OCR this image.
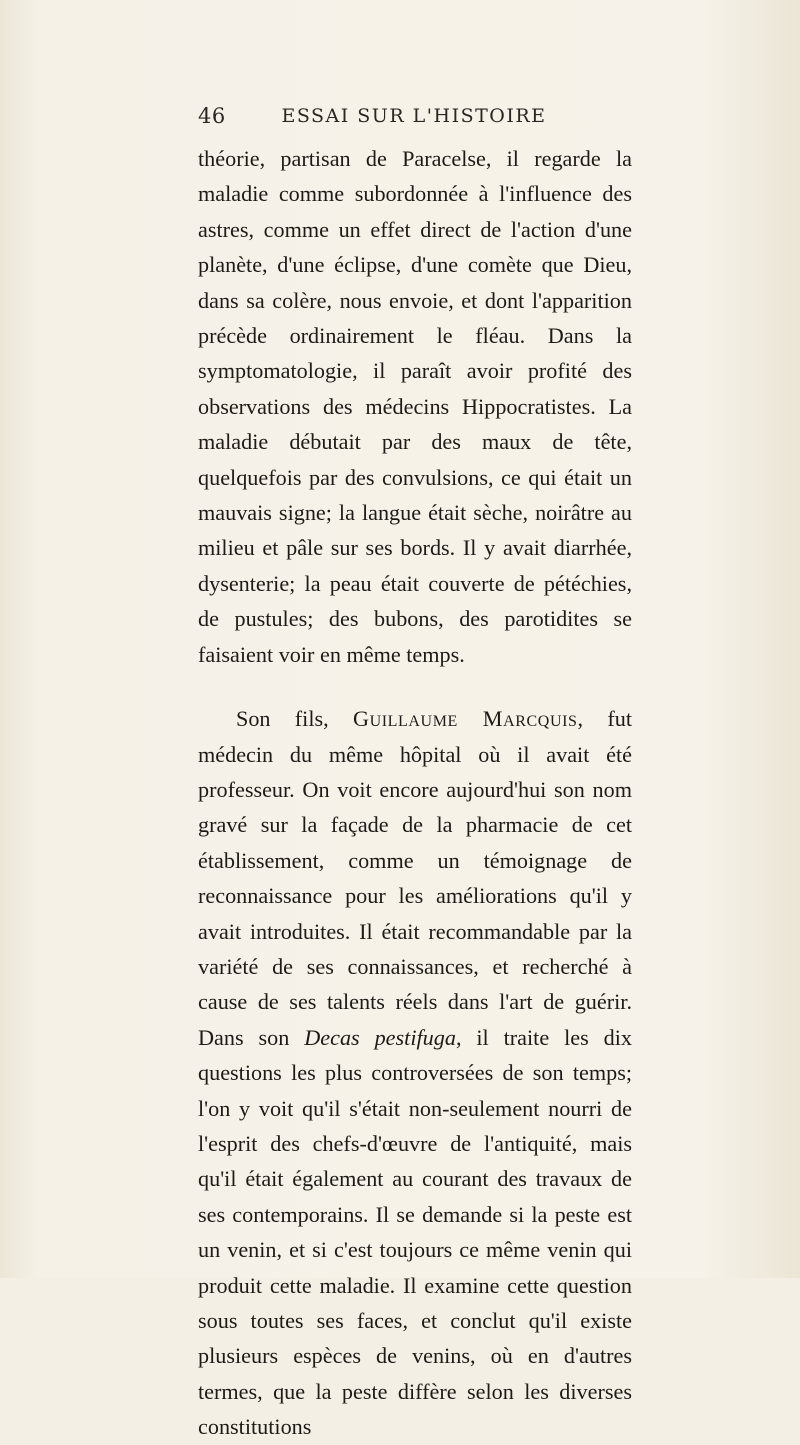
46	ESSAI SUR L'HISTOIRE

théorie, partisan de Paracelse, il regarde la maladie comme subordonnée à l'influence des astres, comme un effet direct de l'action d'une planète, d'une éclipse, d'une comète que Dieu, dans sa colère, nous envoie, et dont l'apparition précède ordinairement le fléau. Dans la symptomatologie, il paraît avoir profité des observations des médecins Hippocratistes. La maladie débutait par des maux de tête, quelquefois par des convulsions, ce qui était un mauvais signe; la langue était sèche, noirâtre au milieu et pâle sur ses bords. Il y avait diarrhée, dysenterie; la peau était couverte de pétéchies, de pustules; des bubons, des parotidites se faisaient voir en même temps.

Son fils, Guillaume Marcquis, fut médecin du même hôpital où il avait été professeur. On voit encore aujourd'hui son nom gravé sur la façade de la pharmacie de cet établissement, comme un témoignage de reconnaissance pour les améliorations qu'il y avait introduites. Il était recommandable par la variété de ses connaissances, et recherché à cause de ses talents réels dans l'art de guérir. Dans son Decas pestifuga, il traite les dix questions les plus controversées de son temps; l'on y voit qu'il s'était non-seulement nourri de l'esprit des chefs-d'œuvre de l'antiquité, mais qu'il était également au courant des travaux de ses contemporains. Il se demande si la peste est un venin, et si c'est toujours ce même venin qui produit cette maladie. Il examine cette question sous toutes ses faces, et conclut qu'il existe plusieurs espèces de venins, où en d'autres termes, que la peste diffère selon les diverses constitutions
